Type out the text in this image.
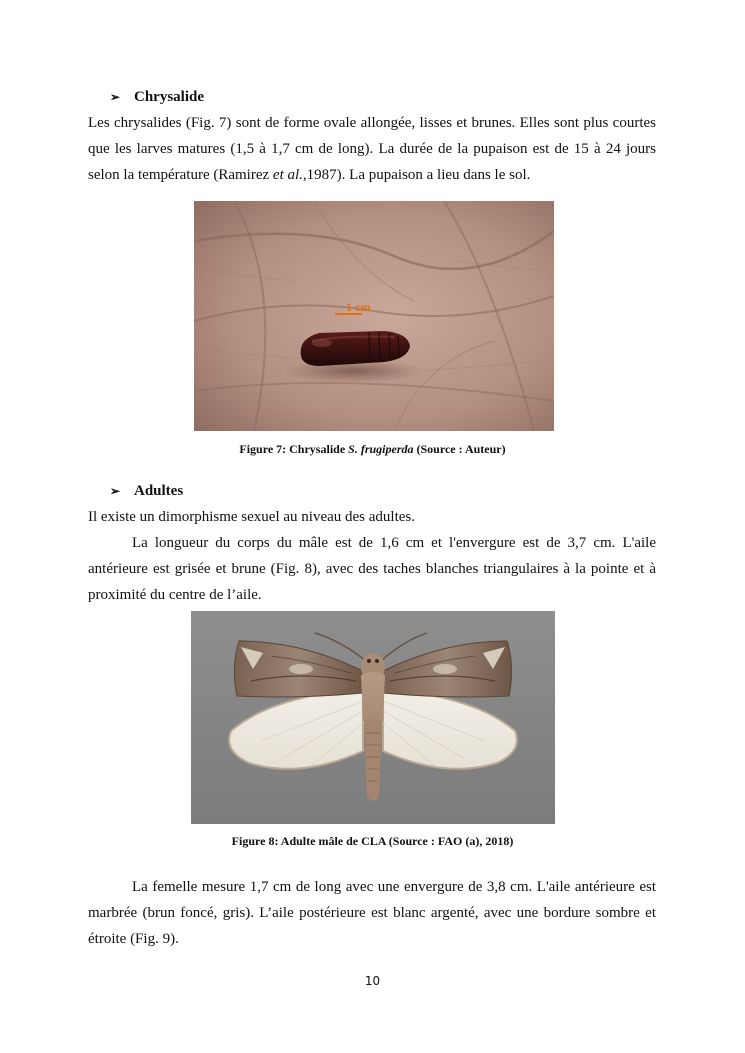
➢ Chrysalide

Les chrysalides (Fig. 7) sont de forme ovale allongée, lisses et brunes. Elles sont plus courtes que les larves matures (1,5 à 1,7 cm de long). La durée de la pupaison est de 15 à 24 jours selon la température (Ramirez et al.,1987). La pupaison a lieu dans le sol.

1 cm
Figure 7: Chrysalide S. frugiperda (Source : Auteur)
➢ Adultes
Il existe un dimorphisme sexuel au niveau des adultes.

La longueur du corps du mâle est de 1,6 cm et l'envergure est de 3,7 cm. L'aile antérieure est grisée et brune (Fig. 8), avec des taches blanches triangulaires à la pointe et à proximité du centre de l’aile.

Figure 8: Adulte mâle de CLA (Source : FAO (a), 2018)

La femelle mesure 1,7 cm de long avec une envergure de 3,8 cm. L'aile antérieure est marbrée (brun foncé, gris). L’aile postérieure est blanc argenté, avec une bordure sombre et étroite (Fig. 9).

10
